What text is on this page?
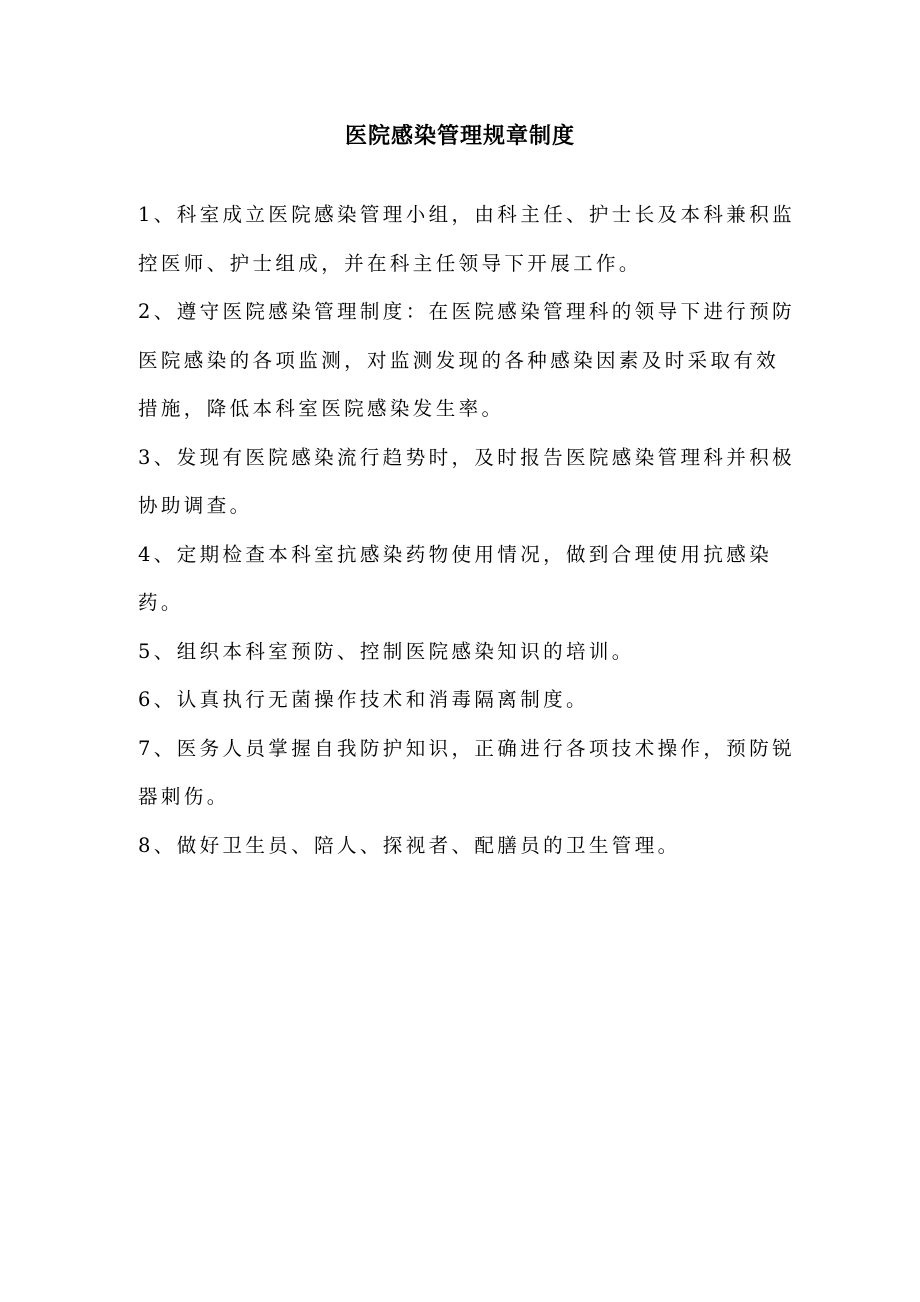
医院感染管理规章制度
1、科室成立医院感染管理小组，由科主任、护士长及本科兼积监控医师、护士组成，并在科主任领导下开展工作。
2、遵守医院感染管理制度：在医院感染管理科的领导下进行预防医院感染的各项监测，对监测发现的各种感染因素及时采取有效措施，降低本科室医院感染发生率。
3、发现有医院感染流行趋势时，及时报告医院感染管理科并积极协助调查。
4、定期检查本科室抗感染药物使用情况，做到合理使用抗感染药。
5、组织本科室预防、控制医院感染知识的培训。
6、认真执行无菌操作技术和消毒隔离制度。
7、医务人员掌握自我防护知识，正确进行各项技术操作，预防锐器刺伤。
8、做好卫生员、陪人、探视者、配膳员的卫生管理。
